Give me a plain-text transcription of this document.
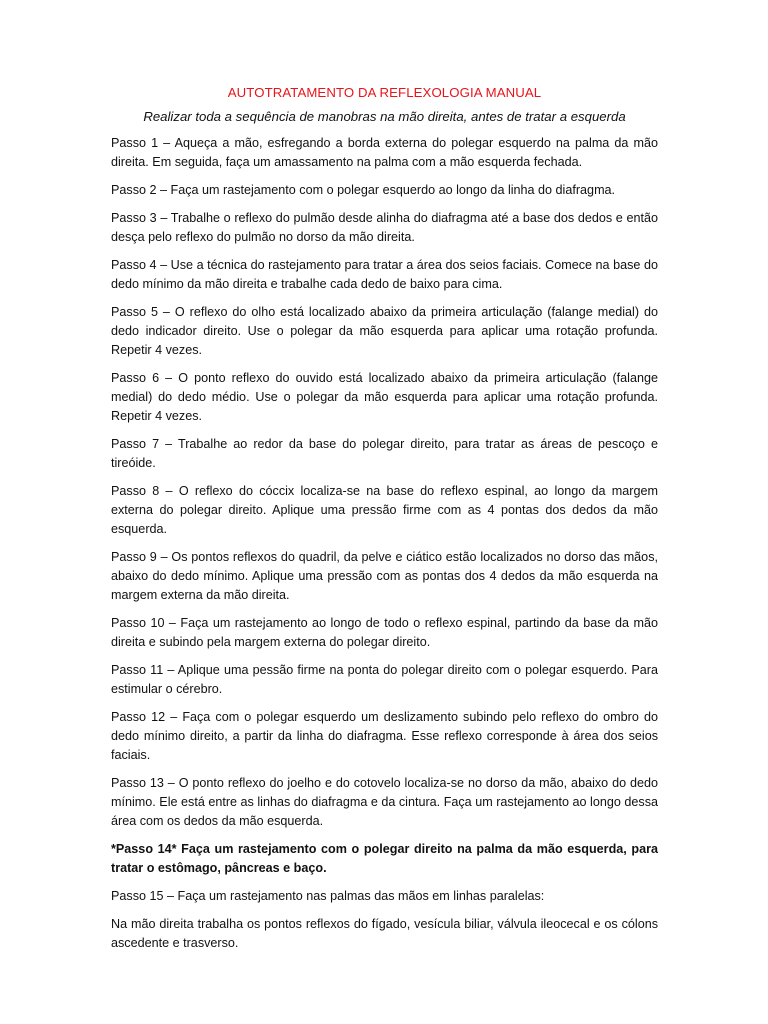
AUTOTRATAMENTO DA REFLEXOLOGIA MANUAL

Realizar toda a sequência de manobras na mão direita, antes de tratar a esquerda

Passo 1 – Aqueça a mão, esfregando a borda externa do polegar esquerdo na palma da mão direita. Em seguida, faça um amassamento na palma com a mão esquerda fechada.

Passo 2 – Faça um rastejamento com o polegar esquerdo ao longo da linha do diafragma.

Passo 3 – Trabalhe o reflexo do pulmão desde alinha do diafragma até a base dos dedos e então desça pelo reflexo do pulmão no dorso da mão direita.

Passo 4 – Use a técnica do rastejamento para tratar a área dos seios faciais. Comece na base do dedo mínimo da mão direita e trabalhe cada dedo de baixo para cima.

Passo 5 – O reflexo do olho está localizado abaixo da primeira articulação (falange medial) do dedo indicador direito. Use o polegar da mão esquerda para aplicar uma rotação profunda. Repetir 4 vezes.

Passo 6 – O ponto reflexo do ouvido está localizado abaixo da primeira articulação (falange medial) do dedo médio. Use o polegar da mão esquerda para aplicar uma rotação profunda. Repetir 4 vezes.

Passo 7 – Trabalhe ao redor da base do polegar direito, para tratar as áreas de pescoço e tireóide.

Passo 8 – O reflexo do cóccix localiza-se na base do reflexo espinal, ao longo da margem externa do polegar direito. Aplique uma pressão firme com as 4 pontas dos dedos da mão esquerda.

Passo 9 – Os pontos reflexos do quadril, da pelve e ciático estão localizados no dorso das mãos, abaixo do dedo mínimo. Aplique uma pressão com as pontas dos 4 dedos da mão esquerda na margem externa da mão direita.

Passo 10 – Faça um rastejamento ao longo de todo o reflexo espinal, partindo da base da mão direita e subindo pela margem externa do polegar direito.

Passo 11 – Aplique uma pessão firme na ponta do polegar direito com o polegar esquerdo. Para estimular o cérebro.

Passo 12 – Faça com o polegar esquerdo um deslizamento subindo pelo reflexo do ombro do dedo mínimo direito, a partir da linha do diafragma. Esse reflexo corresponde à área dos seios faciais.

Passo 13 – O ponto reflexo do joelho e do cotovelo localiza-se no dorso da mão, abaixo do dedo mínimo. Ele está entre as linhas do diafragma e da cintura. Faça um rastejamento ao longo dessa área com os dedos da mão esquerda.

*Passo 14* Faça um rastejamento com o polegar direito na palma da mão esquerda, para tratar o estômago, pâncreas e baço.

Passo 15 – Faça um rastejamento nas palmas das mãos em linhas paralelas:

Na mão direita trabalha os pontos reflexos do fígado, vesícula biliar, válvula ileocecal e os cólons ascedente e trasverso.
